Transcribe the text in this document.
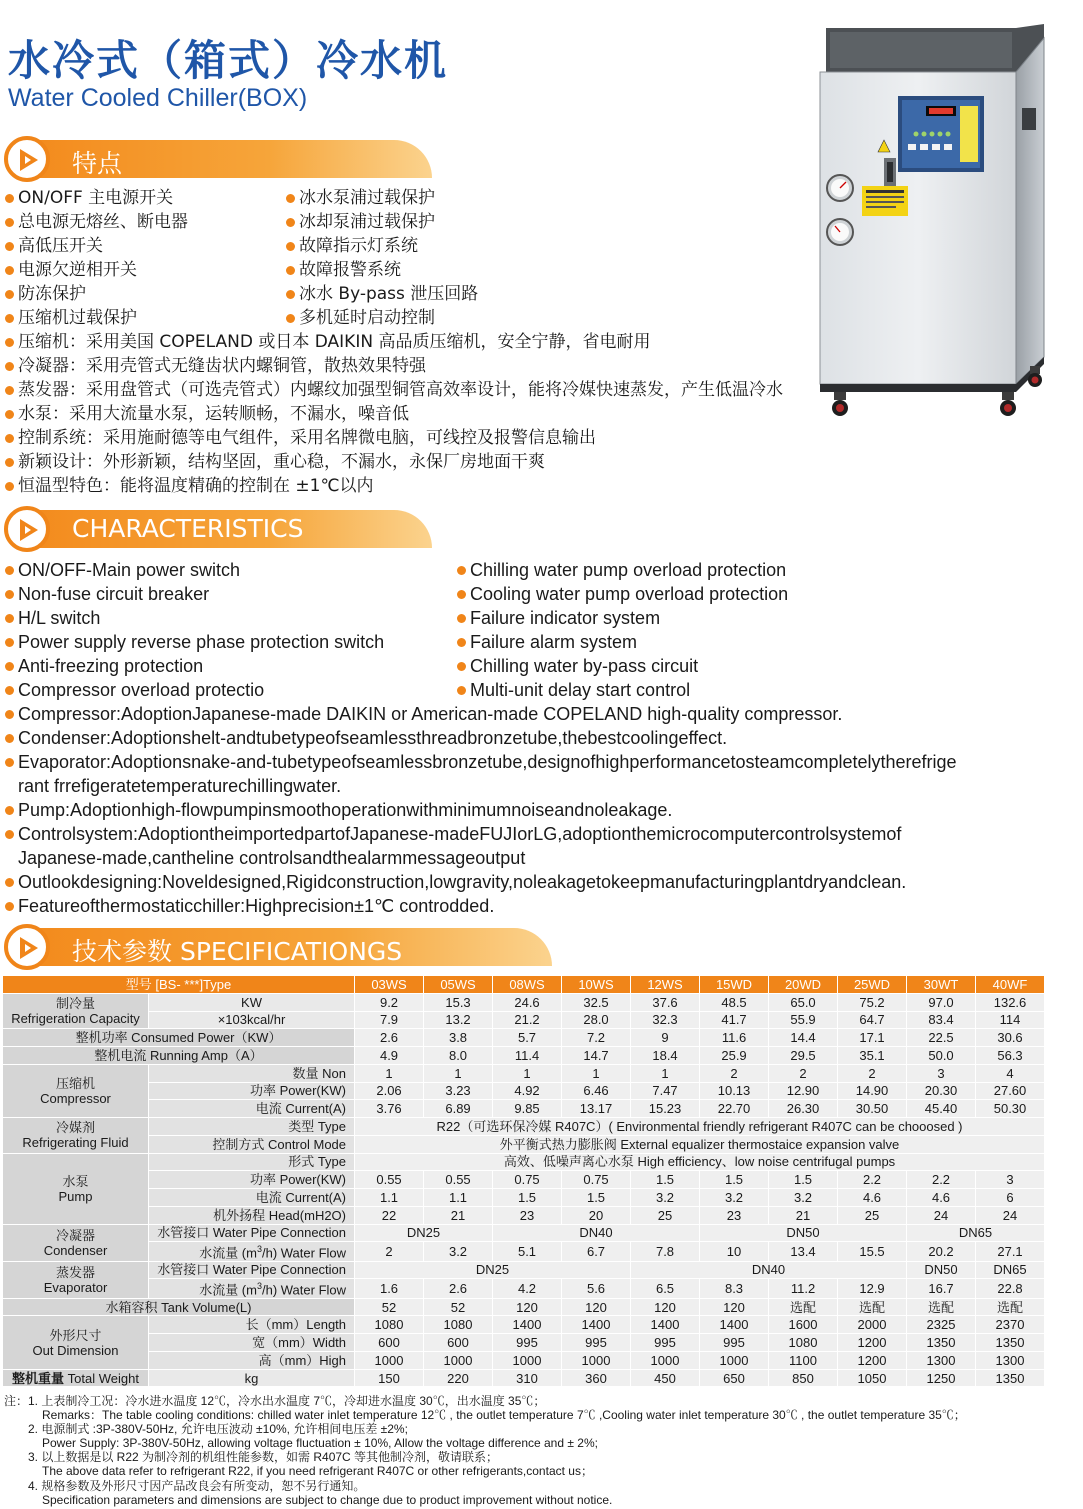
水冷式（箱式）冷水机
Water Cooled Chiller(BOX)
特点
ON/OFF 主电源开关
总电源无熔丝、断电器
高低压开关
电源欠逆相开关
防冻保护
压缩机过载保护
冰水泵浦过载保护
冰却泵浦过载保护
故障指示灯系统
故障报警系统
冰水 By-pass 泄压回路
多机延时启动控制
压缩机：采用美国 COPELAND 或日本 DAIKIN 高品质压缩机，安全宁静，省电耐用
冷凝器：采用壳管式无缝齿状内螺铜管，散热效果特强
蒸发器：采用盘管式（可选壳管式）内螺纹加强型铜管高效率设计，能将冷媒快速蒸发，产生低温冷水
水泵：采用大流量水泵，运转顺畅，不漏水，噪音低
控制系统：采用施耐德等电气组件，采用名牌微电脑，可线控及报警信息输出
新颖设计：外形新颖，结构坚固，重心稳，不漏水，永保厂房地面干爽
恒温型特色：能将温度精确的控制在 ±1℃以内
CHARACTERISTICS
ON/OFF-Main power switch
Non-fuse circuit breaker
H/L switch
Power supply reverse phase protection switch
Anti-freezing protection
Compressor overload protectio
Chilling water pump overload protection
Cooling water pump overload protection
Failure indicator system
Failure alarm system
Chilling water by-pass circuit
Multi-unit delay start control
Compressor:AdoptionJapanese-made DAIKIN or American-made COPELAND high-quality compressor.
Condenser:Adoptionshelt-andtubetypeofseamlessthreadbronzetube,thebestcoolingeffect.
Evaporator:Adoptionsnake-and-tubetypeofseamlessbronzetube,designofhighperformancetosteamcompletelytherefrige
rant frrefigeratetemperaturechillingwater.
Pump:Adoptionhigh-flowpumpinsmoothoperationwithminimumnoiseandnoleakage.
Controlsystem:AdoptiontheimportedpartofJapanese-madeFUJIorLG,adoptionthemicrocomputercontrolsystemof
Japanese-made,cantheline controlsandthealarmmessageoutput
Outlookdesigning:Noveldesigned,Rigidconstruction,lowgravity,noleakagetokeepmanufacturingplantdryandclean.
Featureofthermostaticchiller:Highprecision±1℃ controdded.
技术参数 SPECIFICATIONGS
型号 [BS- ***]Type		03WS	05WS	08WS	10WS	12WS	15WD	20WD	25WD	30WT	40WF
制冷量
Refrigeration Capacity	KW	9.2	15.3	24.6	32.5	37.6	48.5	65.0	75.2	97.0	132.6
	×103kcal/hr	7.9	13.2	21.2	28.0	32.3	41.7	55.9	64.7	83.4	114
整机功率 Consumed Power（KW）		2.6	3.8	5.7	7.2	9	11.6	14.4	17.1	22.5	30.6
整机电流 Running Amp（A）		4.9	8.0	11.4	14.7	18.4	25.9	29.5	35.1	50.0	56.3
压缩机
Compressor	数量 Non	1	1	1	1	1	2	2	2	3	4
	功率 Power(KW)	2.06	3.23	4.92	6.46	7.47	10.13	12.90	14.90	20.30	27.60
	电流 Current(A)	3.76	6.89	9.85	13.17	15.23	22.70	26.30	30.50	45.40	50.30
冷媒剂
Refrigerating Fluid	类型 Type	R22（可选环保冷媒 R407C）( Environmental friendly refrigerant R407C can be chooosed )									
	控制方式 Control Mode	外平衡式热力膨胀阀 External equalizer thermostaice expansion valve									
水泵
Pump	形式 Type	高效、低噪声离心水泵 High efficiency、low noise centrifugal pumps									
	功率 Power(KW)	0.55	0.55	0.75	0.75	1.5	1.5	1.5	2.2	2.2	3
	电流 Current(A)	1.1	1.1	1.5	1.5	3.2	3.2	3.2	4.6	4.6	6
	机外扬程 Head(mH2O)	22	21	23	20	25	23	21	25	24	24
冷凝器
Condenser	水管接口 Water Pipe Connection	DN25		DN40			DN50			DN65	
	水流量 $(m^3/h)$ Water Flow	2	3.2	5.1	6.7	7.8	10	13.4	15.5	20.2	27.1
蒸发器
Evaporator	水管接口 Water Pipe Connection	DN25				DN40				DN50	DN65
	水流量 $(m^3/h)$ Water Flow	1.6	2.6	4.2	5.6	6.5	8.3	11.2	12.9	16.7	22.8
水箱容积 Tank Volume(L)		52	52	120	120	120	120	选配	选配	选配	选配
外形尺寸
Out Dimension	长（mm）Length	1080	1080	1400	1400	1400	1400	1600	2000	2325	2370
	宽（mm）Width	600	600	995	995	995	995	1080	1200	1350	1350
	高（mm）High	1000	1000	1000	1000	1000	1000	1100	1200	1300	1300
整机重量 Total Weight	kg	150	220	310	360	450	650	850	1050	1250	1350
注：1. 上表制冷工况：冷水进水温度 12℃，冷水出水温度 7℃，冷却进水温度 30℃，出水温度 35℃；
Remarks：The table cooling conditions: chilled water inlet temperature 12℃ , the outlet temperature 7℃ ,Cooling water inlet temperature 30℃ , the outlet temperature 35℃；
2. 电源制式 :3P-380V-50Hz, 允许电压波动 ±10%, 允许相间电压差 ±2%;
Power Supply: 3P-380V-50Hz, allowing voltage fluctuation ± 10%, Allow the voltage difference and ± 2%;
3. 以上数据是以 R22 为制冷剂的机组性能参数，如需 R407C 等其他制冷剂，敬请联系；
The above data refer to refrigerant R22, if you need refrigerant R407C or other refrigerants,contact us；
4. 规格参数及外形尺寸因产品改良会有所变动，恕不另行通知。
Specification parameters and dimensions are subject to change due to product improvement without notice.
